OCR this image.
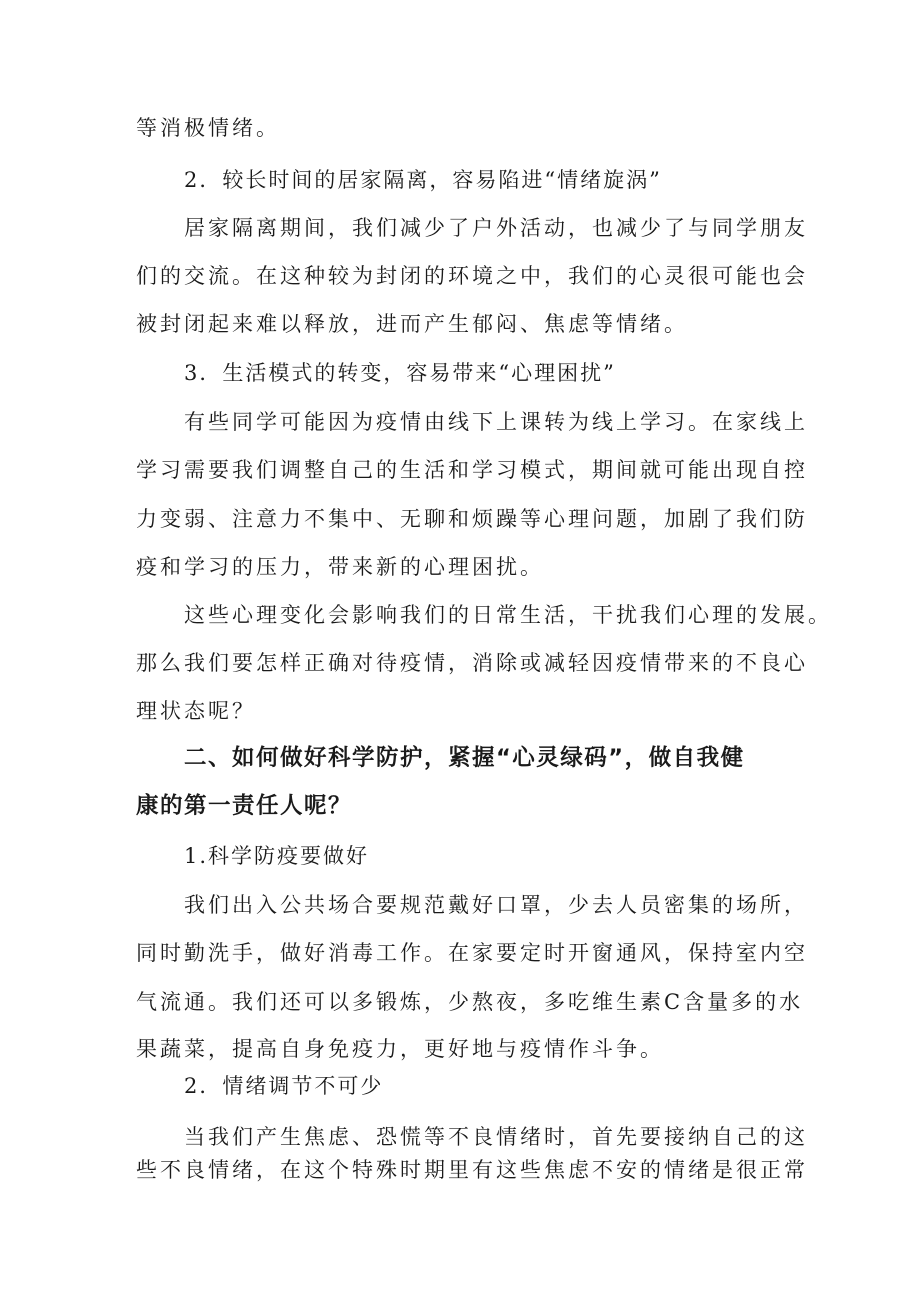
等消极情绪。
2．较长时间的居家隔离，容易陷进“情绪旋涡”
居家隔离期间，我们减少了户外活动，也减少了与同学朋友
们的交流。在这种较为封闭的环境之中，我们的心灵很可能也会
被封闭起来难以释放，进而产生郁闷、焦虑等情绪。
3．生活模式的转变，容易带来“心理困扰”
有些同学可能因为疫情由线下上课转为线上学习。在家线上
学习需要我们调整自己的生活和学习模式，期间就可能出现自控
力变弱、注意力不集中、无聊和烦躁等心理问题，加剧了我们防
疫和学习的压力，带来新的心理困扰。
这些心理变化会影响我们的日常生活，干扰我们心理的发展。
那么我们要怎样正确对待疫情，消除或减轻因疫情带来的不良心
理状态呢？
二、如何做好科学防护，紧握“心灵绿码”，做自我健
康的第一责任人呢？
1.科学防疫要做好
我们出入公共场合要规范戴好口罩，少去人员密集的场所，
同时勤洗手，做好消毒工作。在家要定时开窗通风，保持室内空
气流通。我们还可以多锻炼，少熬夜，多吃维生素C含量多的水
果蔬菜，提高自身免疫力，更好地与疫情作斗争。
2．情绪调节不可少
当我们产生焦虑、恐慌等不良情绪时，首先要接纳自己的这
些不良情绪，在这个特殊时期里有这些焦虑不安的情绪是很正常
